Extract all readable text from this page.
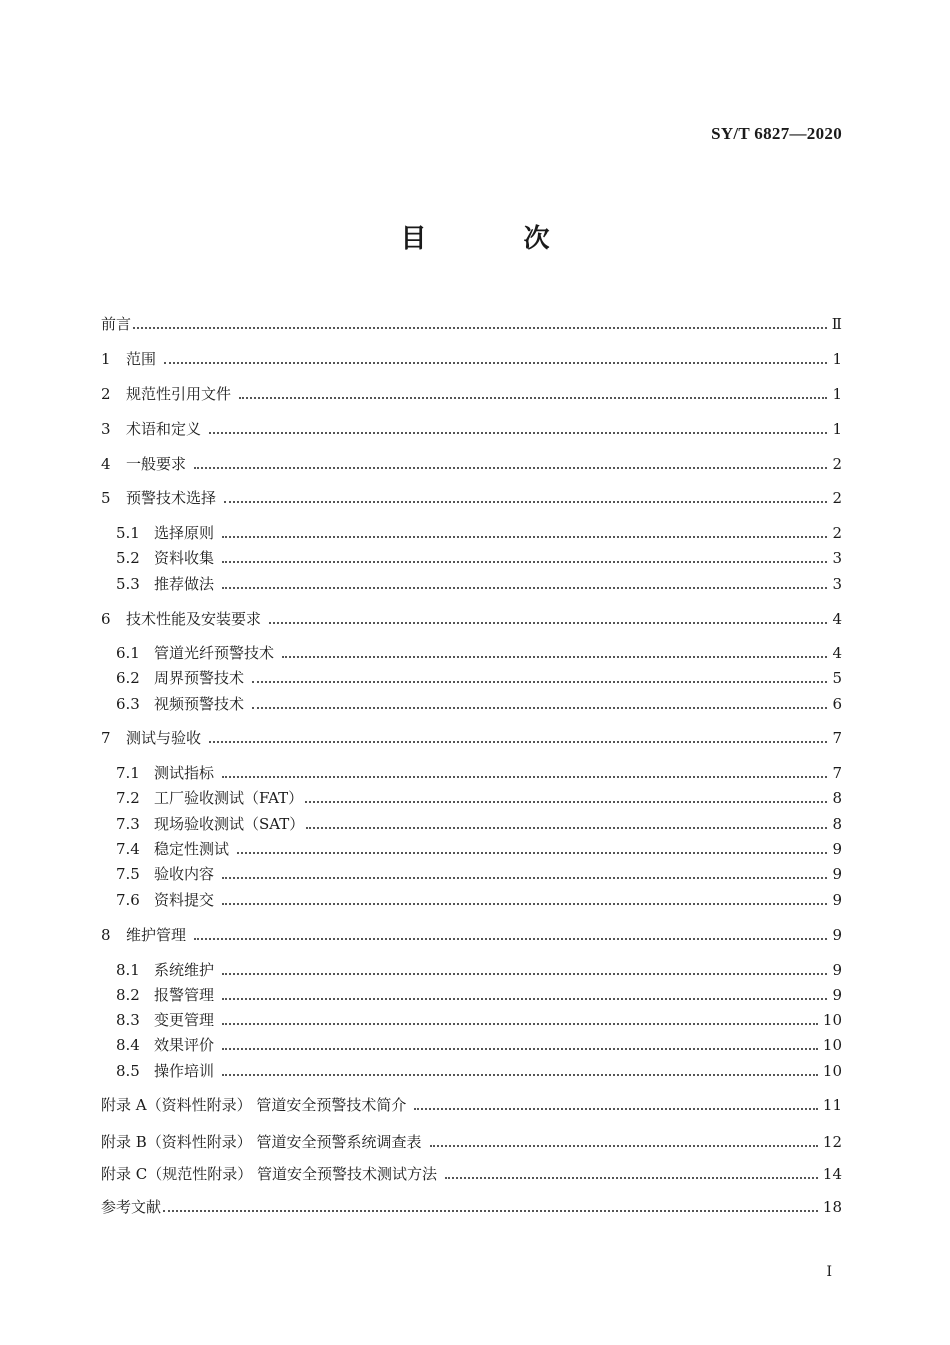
SY/T 6827—2020
目 次
前言	Ⅱ
1	范围	1
2	规范性引用文件	1
3	术语和定义	1
4	一般要求	2
5	预警技术选择	2
5.1 选择原则	2
5.2 资料收集	3
5.3 推荐做法	3
6	技术性能及安装要求	4
6.1 管道光纤预警技术	4
6.2 周界预警技术	5
6.3 视频预警技术	6
7	测试与验收	7
7.1 测试指标	7
7.2 工厂验收测试（FAT）	8
7.3 现场验收测试（SAT）	8
7.4 稳定性测试	9
7.5 验收内容	9
7.6 资料提交	9
8	维护管理	9
8.1 系统维护	9
8.2 报警管理	9
8.3 变更管理	10
8.4 效果评价	10
8.5 操作培训	10
附录 A（资料性附录） 管道安全预警技术简介	11
附录 B（资料性附录） 管道安全预警系统调查表	12
附录 C（规范性附录） 管道安全预警技术测试方法	14
参考文献	18
I
